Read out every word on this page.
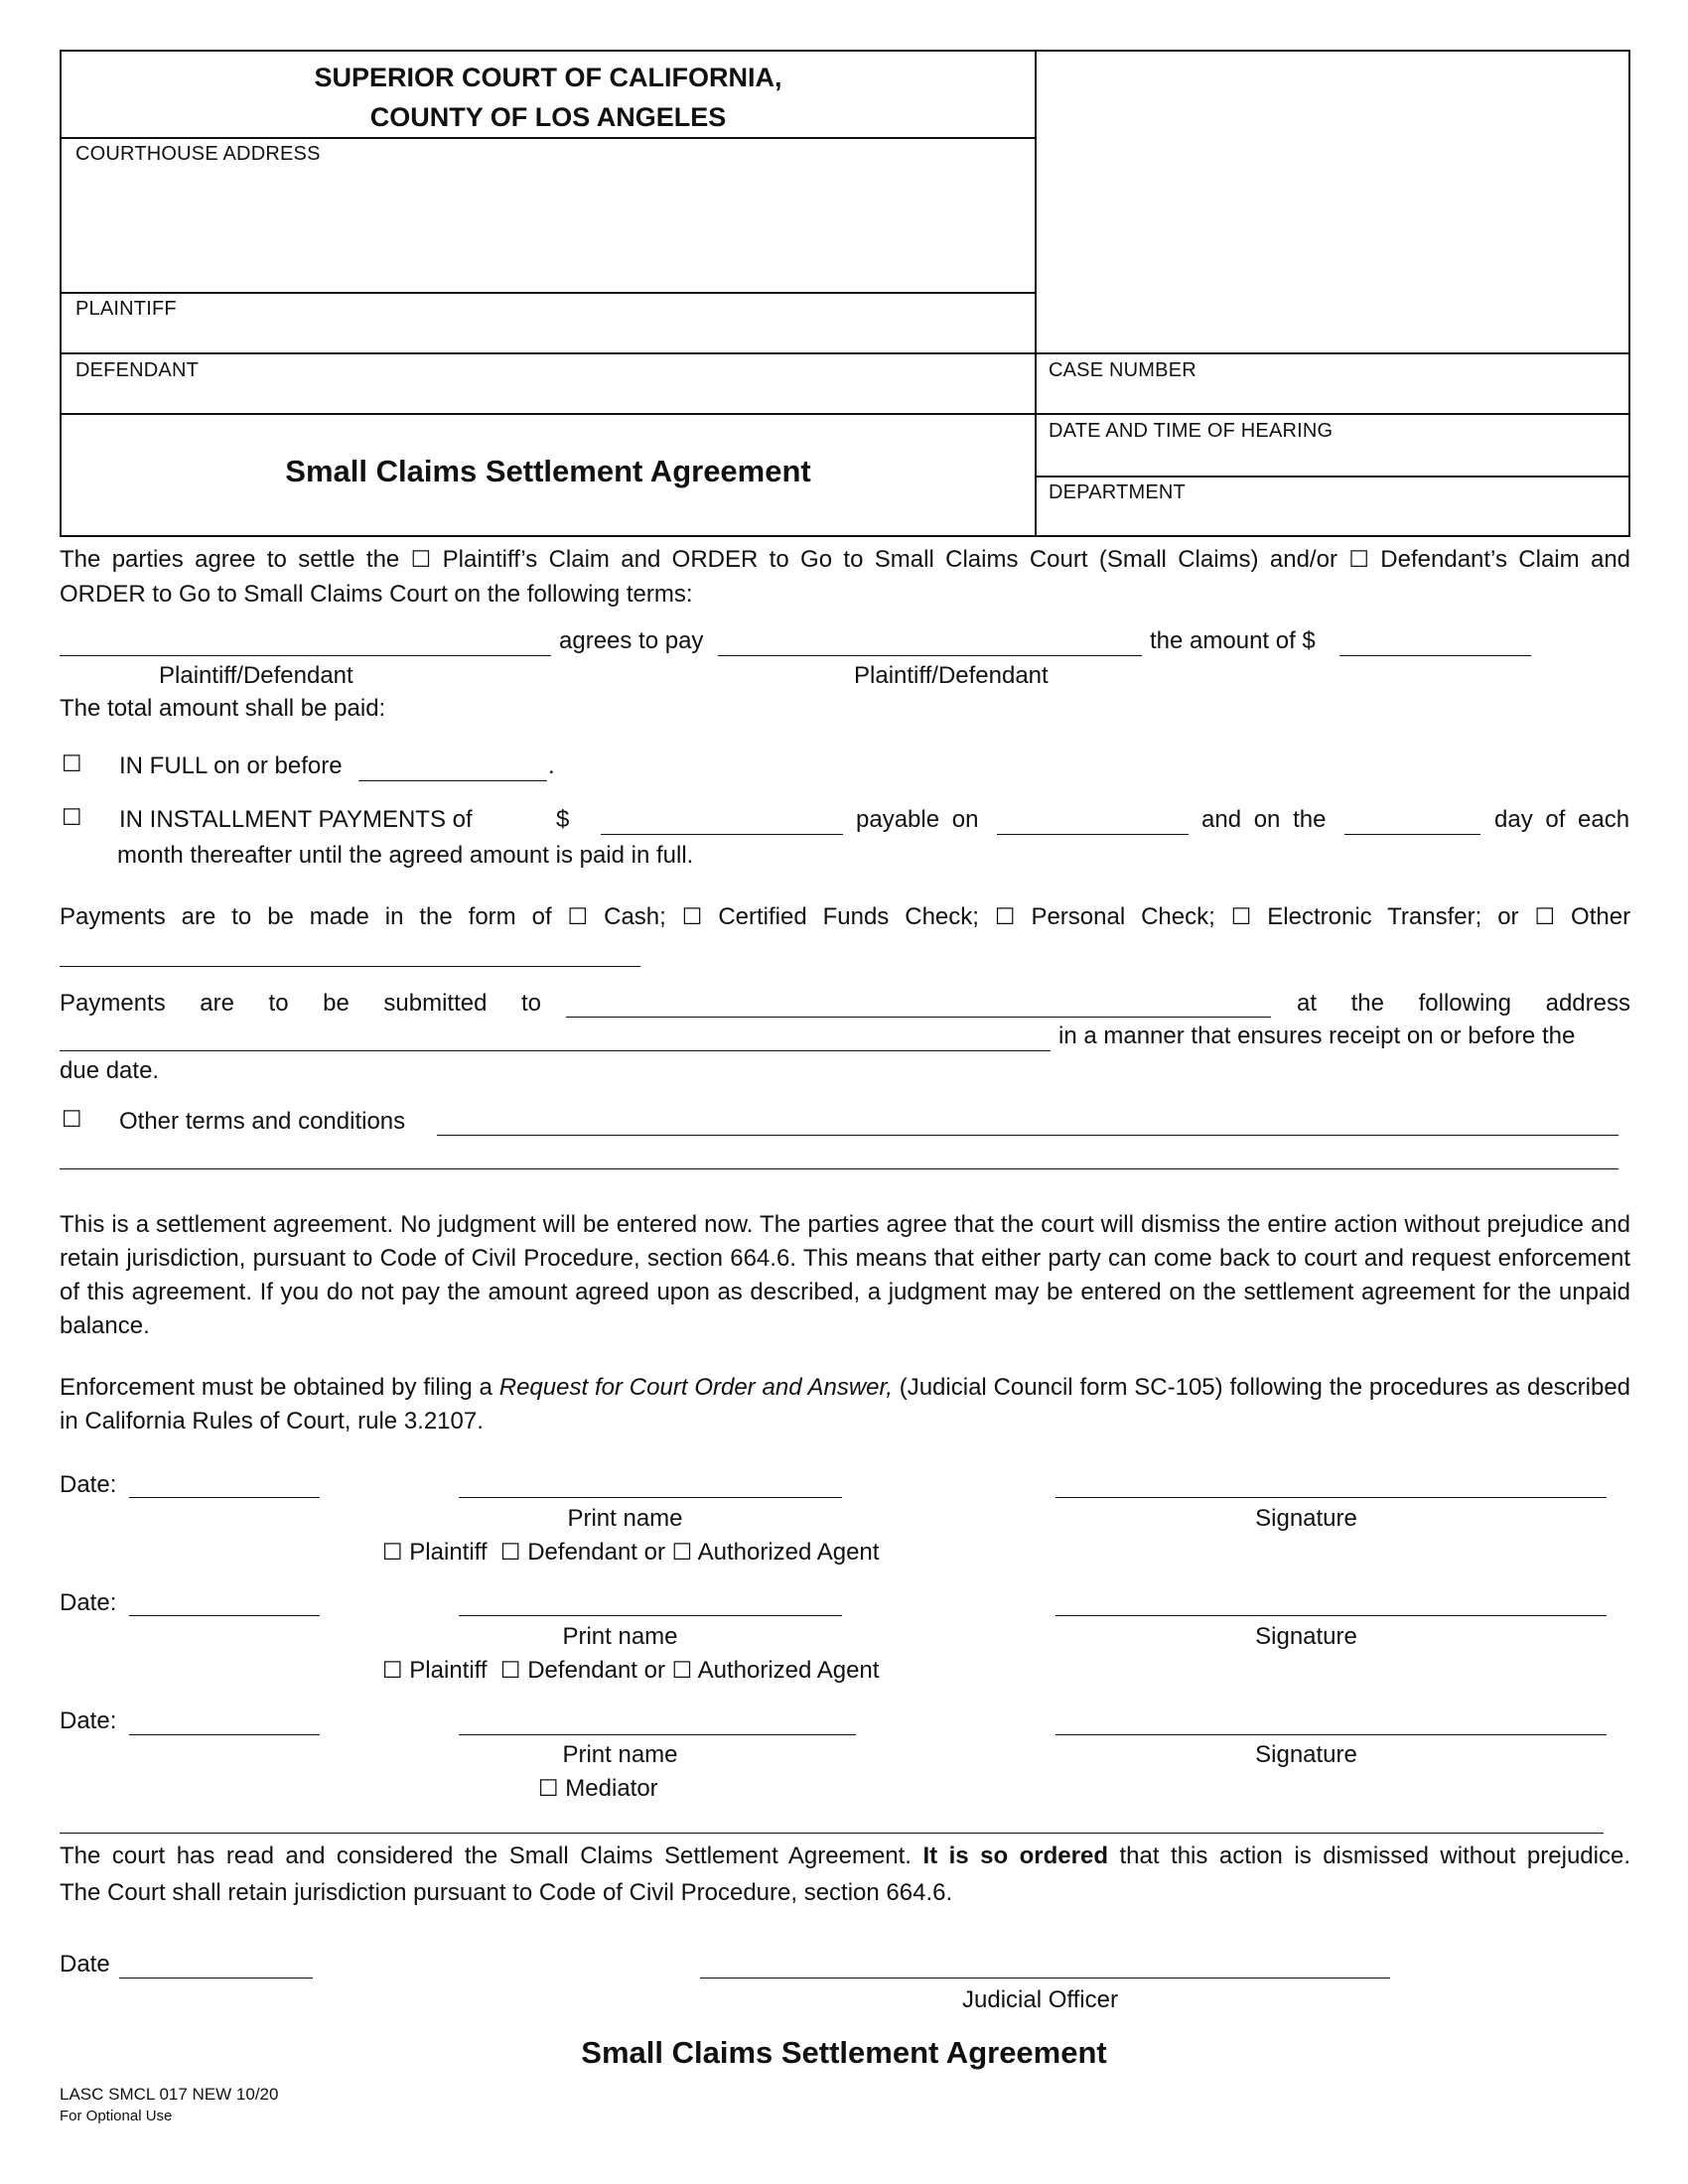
SUPERIOR COURT OF CALIFORNIA,
COUNTY OF LOS ANGELES
COURTHOUSE ADDRESS
PLAINTIFF
DEFENDANT	CASE NUMBER
DATE AND TIME OF HEARING
DEPARTMENT
Small Claims Settlement Agreement
The parties agree to settle the ☐ Plaintiff’s Claim and ORDER to Go to Small Claims Court (Small Claims) and/or ☐ Defendant’s Claim and
ORDER to Go to Small Claims Court on the following terms:
agrees to pay	the amount of $
Plaintiff/Defendant	Plaintiff/Defendant
The total amount shall be paid:
☐ IN FULL on or before	.
☐ IN INSTALLMENT PAYMENTS of	$	payable on	and on the	day of each
month thereafter until the agreed amount is paid in full.
Payments are to be made in the form of ☐ Cash; ☐ Certified Funds Check; ☐ Personal Check; ☐ Electronic Transfer; or ☐ Other
Payments are to be submitted to	at the following address
in a manner that ensures receipt on or before the
due date.
☐ Other terms and conditions
This is a settlement agreement. No judgment will be entered now. The parties agree that the court will dismiss the entire action without prejudice and retain jurisdiction, pursuant to Code of Civil Procedure, section 664.6. This means that either party can come back to court and request enforcement of this agreement. If you do not pay the amount agreed upon as described, a judgment may be entered on the settlement agreement for the unpaid balance.
Enforcement must be obtained by filing a Request for Court Order and Answer, (Judicial Council form SC-105) following the procedures as described in California Rules of Court, rule 3.2107.
Date:
Print name	Signature
☐ Plaintiff ☐ Defendant or ☐ Authorized Agent
Date:
Print name	Signature
☐ Plaintiff ☐ Defendant or ☐ Authorized Agent
Date:
Print name	Signature
☐ Mediator
The court has read and considered the Small Claims Settlement Agreement. It is so ordered that this action is dismissed without prejudice.
The Court shall retain jurisdiction pursuant to Code of Civil Procedure, section 664.6.
Date
Judicial Officer
Small Claims Settlement Agreement
LASC SMCL 017 NEW 10/20
For Optional Use
